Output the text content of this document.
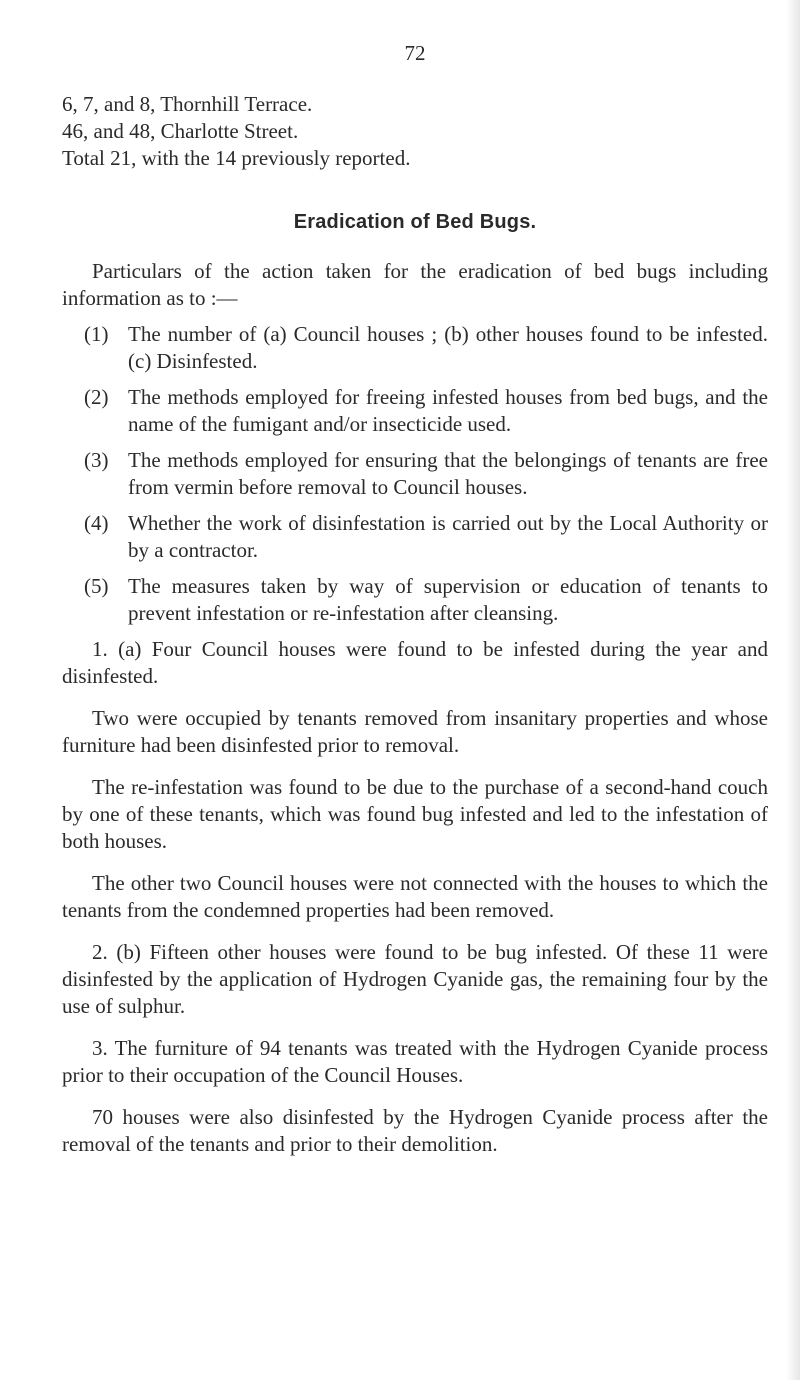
72

6, 7, and 8, Thornhill Terrace.

46, and 48, Charlotte Street.

Total 21, with the 14 previously reported.

Eradication of Bed Bugs.

Particulars of the action taken for the eradication of bed bugs including information as to :—

(1) The number of (a) Council houses ; (b) other houses found to be infested. (c) Disinfested.
(2) The methods employed for freeing infested houses from bed bugs, and the name of the fumigant and/or insecticide used.
(3) The methods employed for ensuring that the belongings of tenants are free from vermin before removal to Council houses.
(4) Whether the work of disinfestation is carried out by the Local Authority or by a contractor.
(5) The measures taken by way of supervision or education of tenants to prevent infestation or re-infestation after cleansing.

1. (a) Four Council houses were found to be infested during the year and disinfested.

Two were occupied by tenants removed from insanitary properties and whose furniture had been disinfested prior to removal.

The re-infestation was found to be due to the purchase of a second-hand couch by one of these tenants, which was found bug infested and led to the infestation of both houses.

The other two Council houses were not connected with the houses to which the tenants from the condemned properties had been removed.

2. (b) Fifteen other houses were found to be bug infested. Of these 11 were disinfested by the application of Hydrogen Cyanide gas, the remaining four by the use of sulphur.

3. The furniture of 94 tenants was treated with the Hydrogen Cyanide process prior to their occupation of the Council Houses.

70 houses were also disinfested by the Hydrogen Cyanide process after the removal of the tenants and prior to their demolition.
